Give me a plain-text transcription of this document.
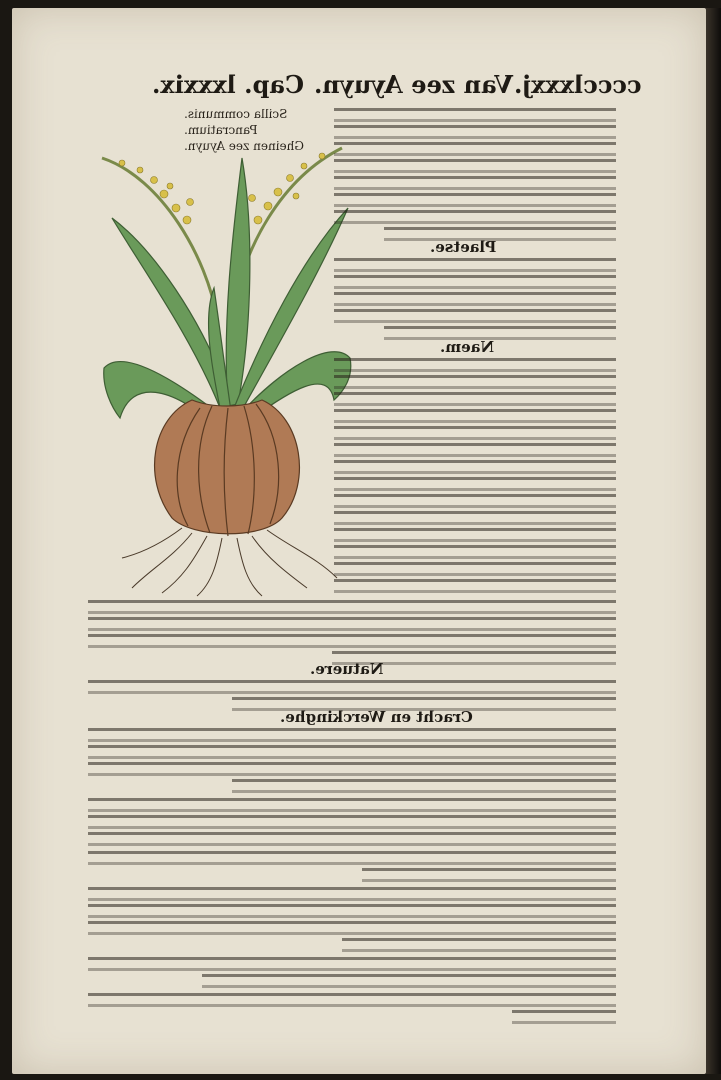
Cap. lxxxix. Van zee Ayuyn. cccclxxxj.
Scilla communis. Pancratium.
Gheinen zee Ayuyn.
Plaetse.
Naem.
Natuere.
Cracht en Werckinghe.
